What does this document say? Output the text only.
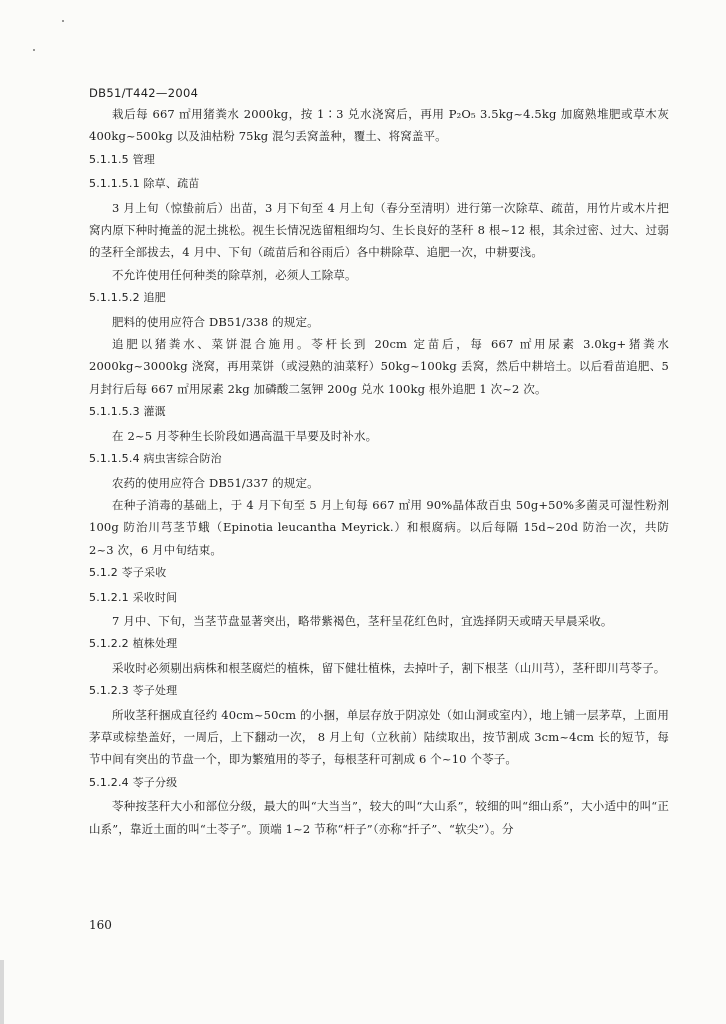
DB51/T442—2004

栽后每 667 ㎡用猪粪水 2000kg，按 1∶3 兑水浇窝后，再用 P₂O₅ 3.5kg~4.5kg 加腐熟堆肥或草木灰 400kg~500kg 以及油枯粉 75kg 混匀丢窝盖种，覆土、将窝盖平。

5.1.1.5 管理

5.1.1.5.1 除草、疏苗

3 月上旬（惊蛰前后）出苗，3 月下旬至 4 月上旬（春分至清明）进行第一次除草、疏苗，用竹片或木片把窝内原下种时掩盖的泥土挑松。视生长情况选留粗细均匀、生长良好的茎秆 8 根~12 根，其余过密、过大、过弱的茎秆全部拔去，4 月中、下旬（疏苗后和谷雨后）各中耕除草、追肥一次，中耕要浅。

不允许使用任何种类的除草剂，必须人工除草。

5.1.1.5.2 追肥

肥料的使用应符合 DB51/338 的规定。

追肥以猪粪水、菜饼混合施用。苓杆长到 20cm 定苗后，每 667 ㎡用尿素 3.0kg+猪粪水 2000kg~3000kg 浇窝，再用菜饼（或浸熟的油菜籽）50kg~100kg 丢窝，然后中耕培土。以后看苗追肥、5 月封行后每 667 ㎡用尿素 2kg 加磷酸二氢钾 200g 兑水 100kg 根外追肥 1 次~2 次。

5.1.1.5.3 灌溉

在 2~5 月苓种生长阶段如遇高温干旱要及时补水。

5.1.1.5.4 病虫害综合防治

农药的使用应符合 DB51/337 的规定。

在种子消毒的基础上，于 4 月下旬至 5 月上旬每 667 ㎡用 90%晶体敌百虫 50g+50%多菌灵可湿性粉剂 100g 防治川芎茎节蛾（Epinotia leucantha Meyrick.）和根腐病。以后每隔 15d~20d 防治一次，共防 2~3 次，6 月中旬结束。

5.1.2 苓子采收

5.1.2.1 采收时间

7 月中、下旬，当茎节盘显著突出，略带紫褐色，茎秆呈花红色时，宜选择阴天或晴天早晨采收。

5.1.2.2 植株处理

采收时必须剔出病株和根茎腐烂的植株，留下健壮植株，去掉叶子，割下根茎（山川芎），茎秆即川芎苓子。

5.1.2.3 苓子处理

所收茎秆捆成直径约 40cm~50cm 的小捆，单层存放于阴凉处（如山洞或室内），地上铺一层茅草，上面用茅草或棕垫盖好，一周后，上下翻动一次， 8 月上旬（立秋前）陆续取出，按节割成 3cm~4cm 长的短节，每节中间有突出的节盘一个，即为繁殖用的苓子，每根茎秆可割成 6 个~10 个苓子。

5.1.2.4 苓子分级

苓种按茎秆大小和部位分级，最大的叫“大当当”，较大的叫“大山系”，较细的叫“细山系”，大小适中的叫“正山系”，靠近土面的叫“土苓子”。顶端 1~2 节称“杆子”（亦称“扦子”、“软尖”）。分

160
